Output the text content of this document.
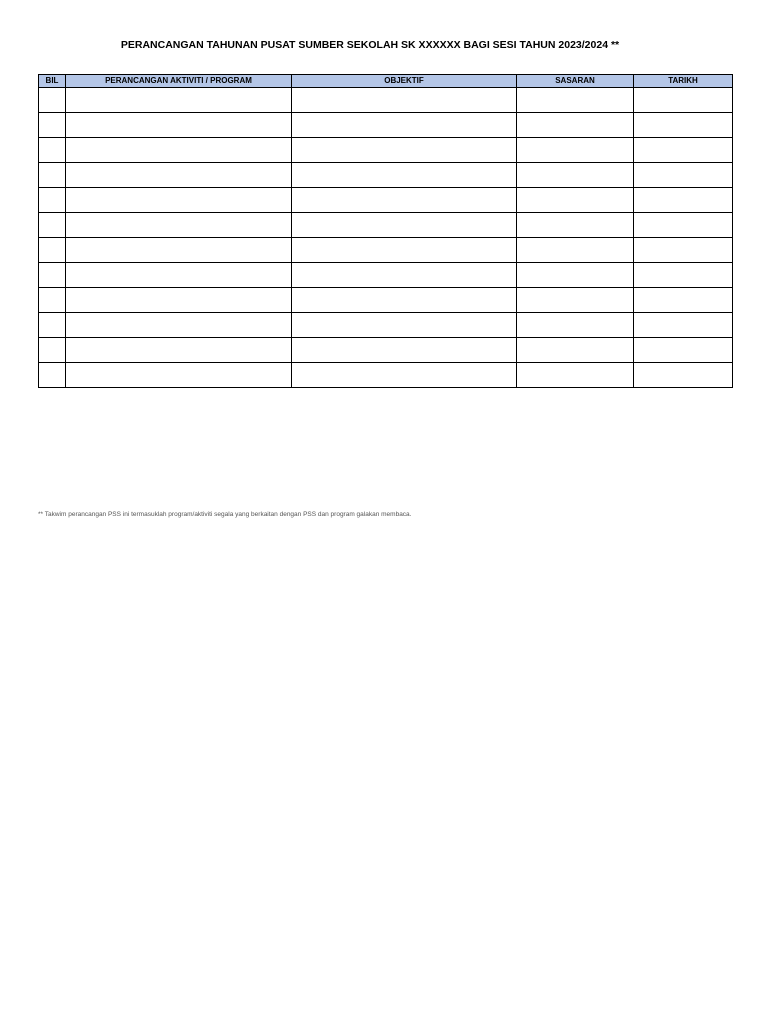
PERANCANGAN TAHUNAN PUSAT SUMBER SEKOLAH SK XXXXXX BAGI SESI TAHUN 2023/2024 **
BIL	PERANCANGAN AKTIVITI / PROGRAM	OBJEKTIF	SASARAN	TARIKH

** Takwim perancangan PSS ini termasuklah program/aktiviti segala yang berkaitan dengan PSS dan program galakan membaca.
